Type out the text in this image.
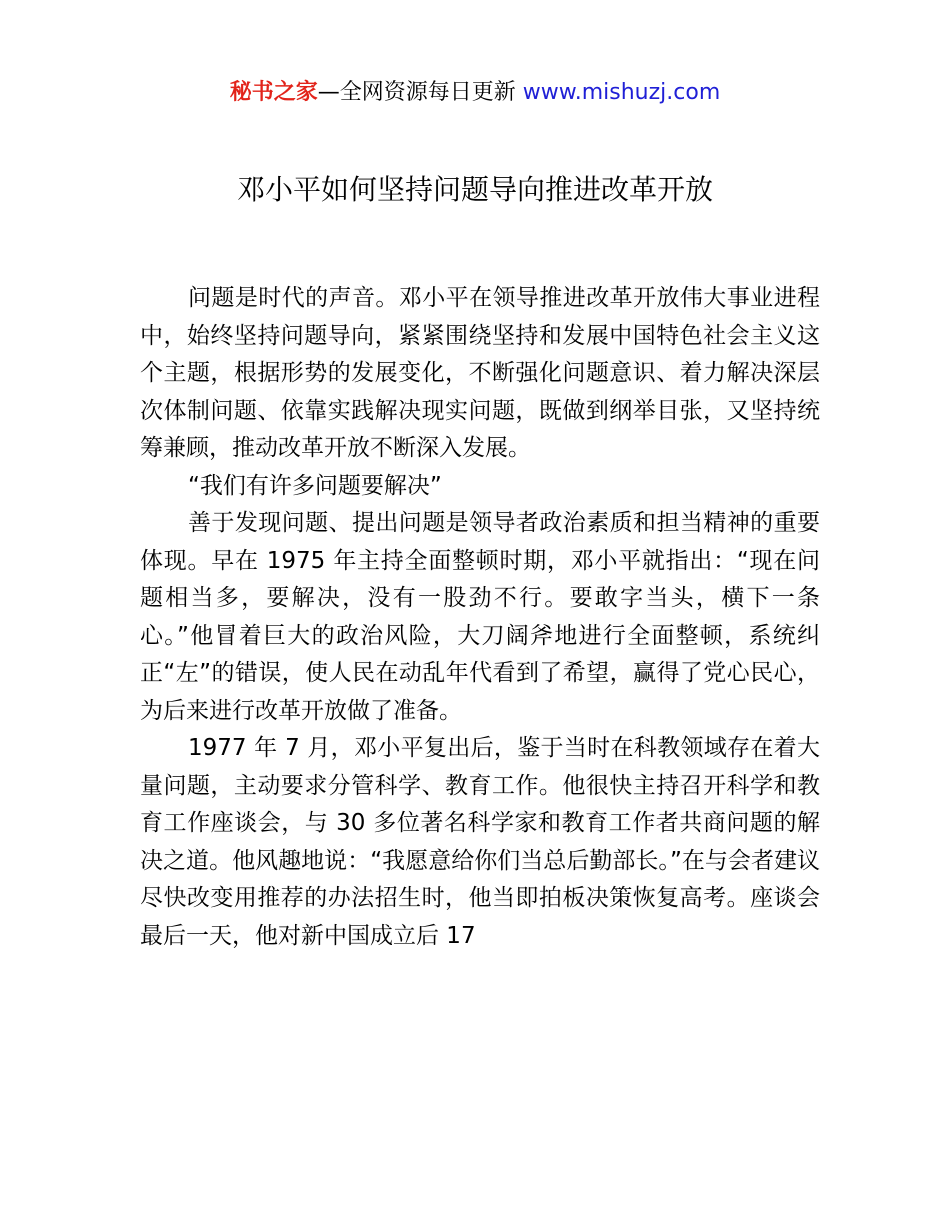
秘书之家—全网资源每日更新 www.mishuzj.com
邓小平如何坚持问题导向推进改革开放

问题是时代的声音。邓小平在领导推进改革开放伟大事业进程中，始终坚持问题导向，紧紧围绕坚持和发展中国特色社会主义这个主题，根据形势的发展变化，不断强化问题意识、着力解决深层次体制问题、依靠实践解决现实问题，既做到纲举目张，又坚持统筹兼顾，推动改革开放不断深入发展。

“我们有许多问题要解决”

善于发现问题、提出问题是领导者政治素质和担当精神的重要体现。早在 1975 年主持全面整顿时期，邓小平就指出：“现在问题相当多，要解决，没有一股劲不行。要敢字当头，横下一条心。”他冒着巨大的政治风险，大刀阔斧地进行全面整顿，系统纠正“左”的错误，使人民在动乱年代看到了希望，赢得了党心民心，为后来进行改革开放做了准备。

1977 年 7 月，邓小平复出后，鉴于当时在科教领域存在着大量问题，主动要求分管科学、教育工作。他很快主持召开科学和教育工作座谈会，与 30 多位著名科学家和教育工作者共商问题的解决之道。他风趣地说：“我愿意给你们当总后勤部长。”在与会者建议尽快改变用推荐的办法招生时，他当即拍板决策恢复高考。座谈会最后一天，他对新中国成立后 17
